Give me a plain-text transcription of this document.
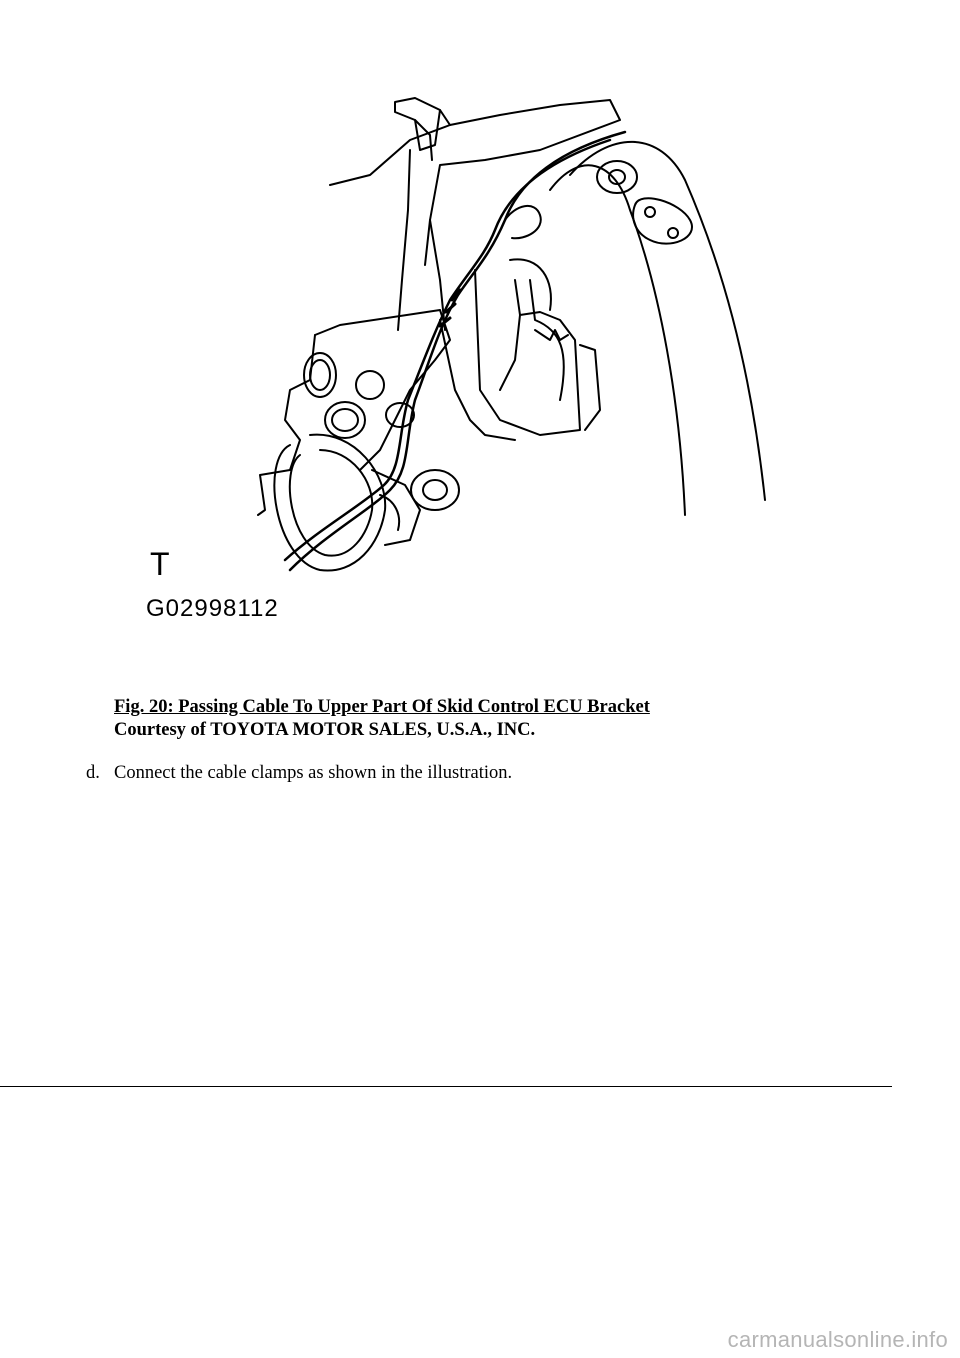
T
G02998112
Fig. 20: Passing Cable To Upper Part Of Skid Control ECU Bracket
Courtesy of TOYOTA MOTOR SALES, U.S.A., INC.
d. Connect the cable clamps as shown in the illustration.
carmanualsonline.info
